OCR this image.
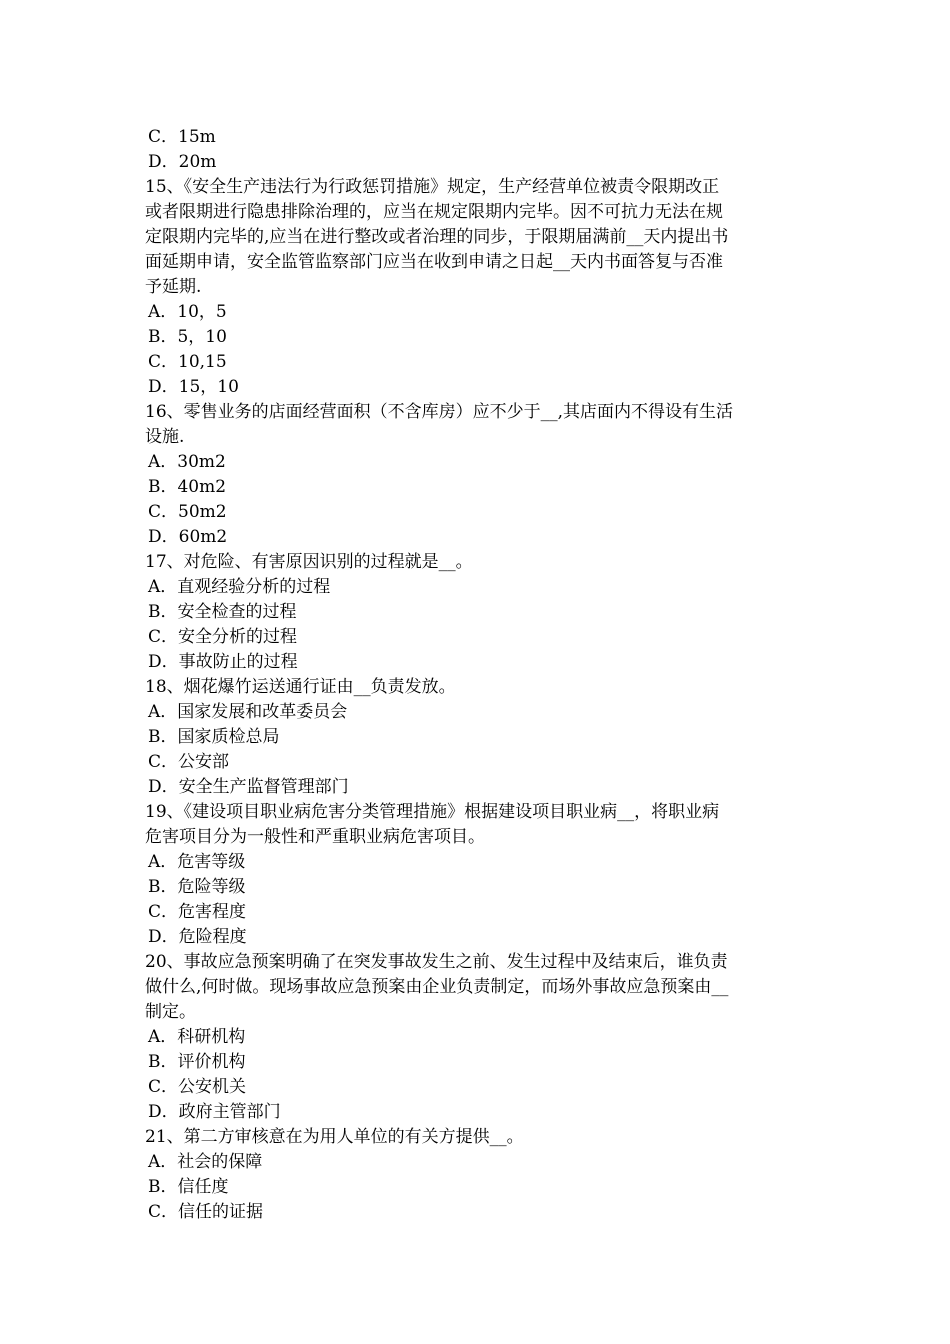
C．15m
D．20m
15、《安全生产违法行为行政惩罚措施》规定，生产经营单位被责令限期改正
或者限期进行隐患排除治理的，应当在规定限期内完毕。因不可抗力无法在规
定限期内完毕的,应当在进行整改或者治理的同步，于限期届满前__天内提出书
面延期申请，安全监管监察部门应当在收到申请之日起__天内书面答复与否准
予延期.
A．10，5
B．5，10
C．10,15
D．15，10
16、零售业务的店面经营面积（不含库房）应不少于__,其店面内不得设有生活
设施.
A．30m2
B．40m2
C．50m2
D．60m2
17、对危险、有害原因识别的过程就是__。
A．直观经验分析的过程
B．安全检查的过程
C．安全分析的过程
D．事故防止的过程
18、烟花爆竹运送通行证由__负责发放。
A．国家发展和改革委员会
B．国家质检总局
C．公安部
D．安全生产监督管理部门
19、《建设项目职业病危害分类管理措施》根据建设项目职业病__，将职业病
危害项目分为一般性和严重职业病危害项目。
A．危害等级
B．危险等级
C．危害程度
D．危险程度
20、事故应急预案明确了在突发事故发生之前、发生过程中及结束后，谁负责
做什么,何时做。现场事故应急预案由企业负责制定，而场外事故应急预案由__
制定。
A．科研机构
B．评价机构
C．公安机关
D．政府主管部门
21、第二方审核意在为用人单位的有关方提供__。
A．社会的保障
B．信任度
C．信任的证据
